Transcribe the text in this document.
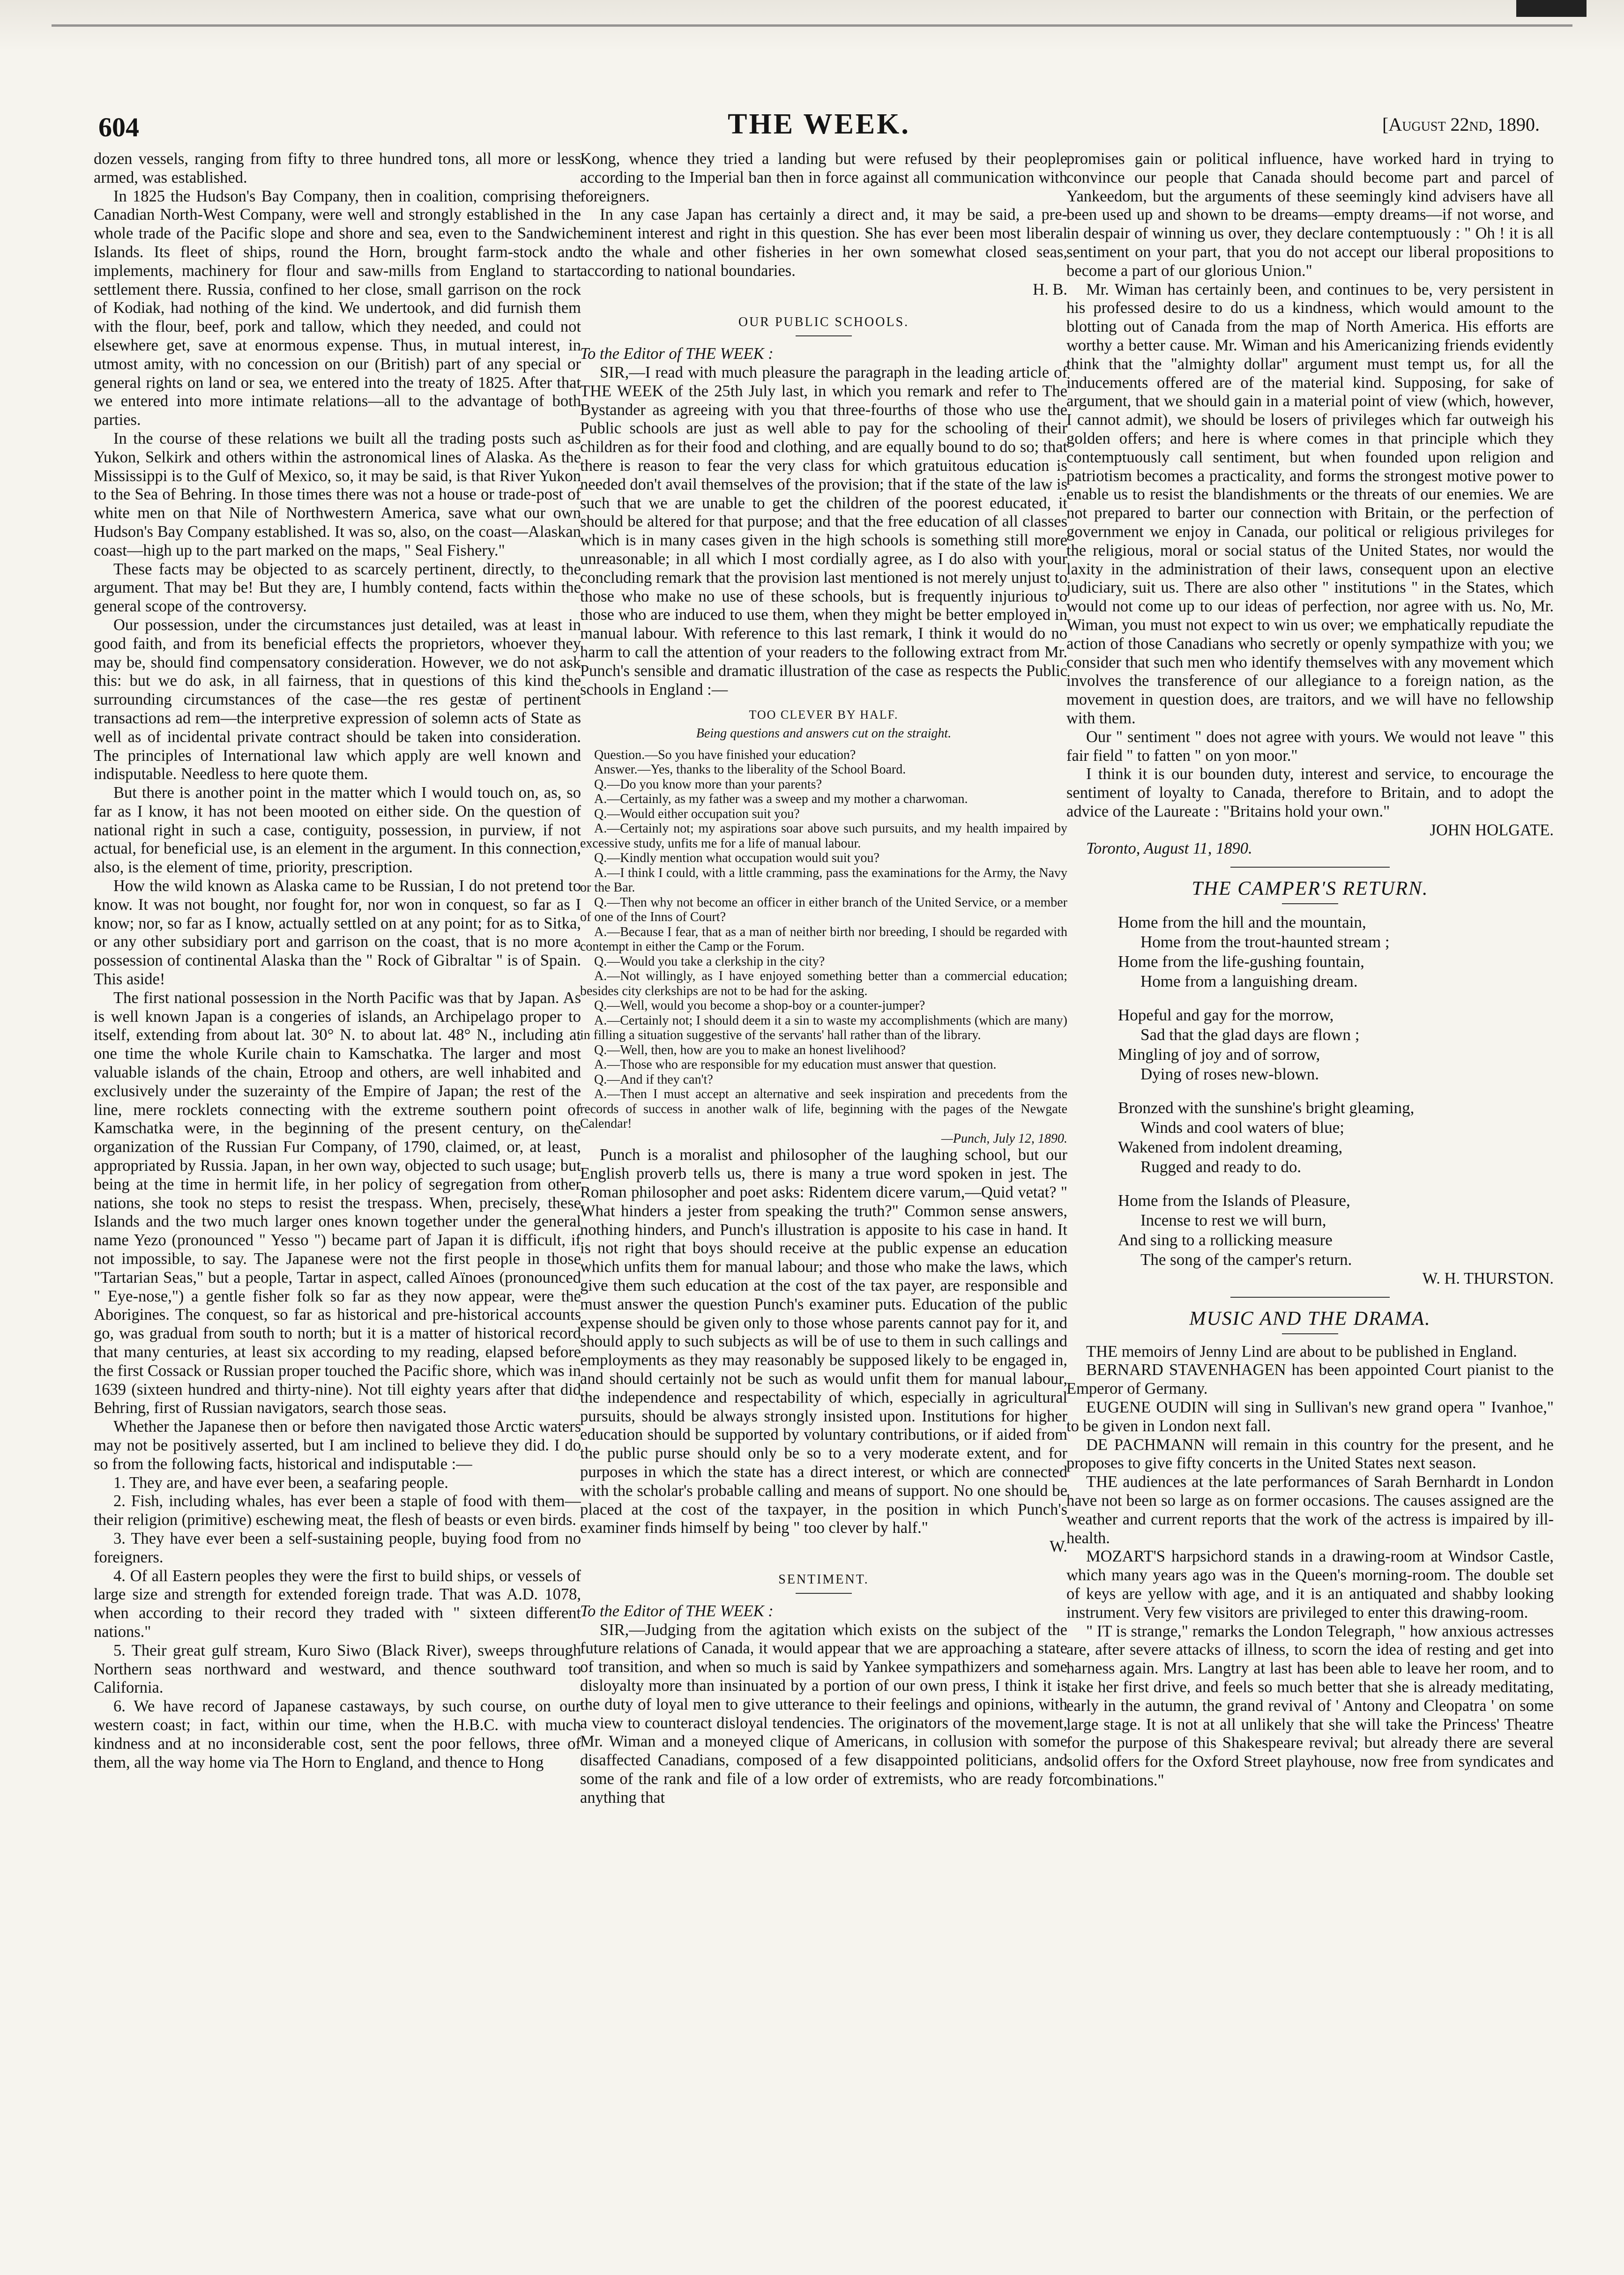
604	THE WEEK.	[August 22nd, 1890.

dozen vessels, ranging from fifty to three hundred tons, all more or less armed, was established.

In 1825 the Hudson's Bay Company, then in coalition, comprising the Canadian North-West Company, were well and strongly established in the whole trade of the Pacific slope and shore and sea, even to the Sandwich Islands. Its fleet of ships, round the Horn, brought farm-stock and implements, machinery for flour and saw-mills from England to start settlement there. Russia, confined to her close, small garrison on the rock of Kodiak, had nothing of the kind. We undertook, and did furnish them with the flour, beef, pork and tallow, which they needed, and could not elsewhere get, save at enormous expense. Thus, in mutual interest, in utmost amity, with no concession on our (British) part of any special or general rights on land or sea, we entered into the treaty of 1825. After that we entered into more intimate relations—all to the advantage of both parties.

In the course of these relations we built all the trading posts such as Yukon, Selkirk and others within the astronomical lines of Alaska. As the Mississippi is to the Gulf of Mexico, so, it may be said, is that River Yukon to the Sea of Behring. In those times there was not a house or trade-post of white men on that Nile of Northwestern America, save what our own Hudson's Bay Company established. It was so, also, on the coast—Alaskan coast—high up to the part marked on the maps, " Seal Fishery."

These facts may be objected to as scarcely pertinent, directly, to the argument. That may be! But they are, I humbly contend, facts within the general scope of the controversy.

Our possession, under the circumstances just detailed, was at least in good faith, and from its beneficial effects the proprietors, whoever they may be, should find compensatory consideration. However, we do not ask this: but we do ask, in all fairness, that in questions of this kind the surrounding circumstances of the case—the res gestæ of pertinent transactions ad rem—the interpretive expression of solemn acts of State as well as of incidental private contract should be taken into consideration. The principles of International law which apply are well known and indisputable. Needless to here quote them.

But there is another point in the matter which I would touch on, as, so far as I know, it has not been mooted on either side. On the question of national right in such a case, contiguity, possession, in purview, if not actual, for beneficial use, is an element in the argument. In this connection, also, is the element of time, priority, prescription.

How the wild known as Alaska came to be Russian, I do not pretend to know. It was not bought, nor fought for, nor won in conquest, so far as I know; nor, so far as I know, actually settled on at any point; for as to Sitka, or any other subsidiary port and garrison on the coast, that is no more a possession of continental Alaska than the " Rock of Gibraltar " is of Spain. This aside!

The first national possession in the North Pacific was that by Japan. As is well known Japan is a congeries of islands, an Archipelago proper to itself, extending from about lat. 30° N. to about lat. 48° N., including at one time the whole Kurile chain to Kamschatka. The larger and most valuable islands of the chain, Etroop and others, are well inhabited and exclusively under the suzerainty of the Empire of Japan; the rest of the line, mere rocklets connecting with the extreme southern point of Kamschatka were, in the beginning of the present century, on the organization of the Russian Fur Company, of 1790, claimed, or, at least, appropriated by Russia. Japan, in her own way, objected to such usage; but being at the time in hermit life, in her policy of segregation from other nations, she took no steps to resist the trespass. When, precisely, these Islands and the two much larger ones known together under the general name Yezo (pronounced " Yesso ") became part of Japan it is difficult, if not impossible, to say. The Japanese were not the first people in those "Tartarian Seas," but a people, Tartar in aspect, called Aïnoes (pronounced " Eye-nose,") a gentle fisher folk so far as they now appear, were the Aborigines. The conquest, so far as historical and pre-historical accounts go, was gradual from south to north; but it is a matter of historical record that many centuries, at least six according to my reading, elapsed before the first Cossack or Russian proper touched the Pacific shore, which was in 1639 (sixteen hundred and thirty-nine). Not till eighty years after that did Behring, first of Russian navigators, search those seas.

Whether the Japanese then or before then navigated those Arctic waters may not be positively asserted, but I am inclined to believe they did. I do so from the following facts, historical and indisputable :—

1. They are, and have ever been, a seafaring people.

2. Fish, including whales, has ever been a staple of food with them—their religion (primitive) eschewing meat, the flesh of beasts or even birds.

3. They have ever been a self-sustaining people, buying food from no foreigners.

4. Of all Eastern peoples they were the first to build ships, or vessels of large size and strength for extended foreign trade. That was A.D. 1078, when according to their record they traded with " sixteen different nations."

5. Their great gulf stream, Kuro Siwo (Black River), sweeps through Northern seas northward and westward, and thence southward to California.

6. We have record of Japanese castaways, by such course, on our western coast; in fact, within our time, when the H.B.C. with much kindness and at no inconsiderable cost, sent the poor fellows, three of them, all the way home via The Horn to England, and thence to Hong

Kong, whence they tried a landing but were refused by their people according to the Imperial ban then in force against all communication with foreigners.

In any case Japan has certainly a direct and, it may be said, a pre-eminent interest and right in this question. She has ever been most liberal to the whale and other fisheries in her own somewhat closed seas, according to national boundaries.

H. B.

OUR PUBLIC SCHOOLS.

To the Editor of THE WEEK :

SIR,—I read with much pleasure the paragraph in the leading article of THE WEEK of the 25th July last, in which you remark and refer to The Bystander as agreeing with you that three-fourths of those who use the Public schools are just as well able to pay for the schooling of their children as for their food and clothing, and are equally bound to do so; that there is reason to fear the very class for which gratuitous education is needed don't avail themselves of the provision; that if the state of the law is such that we are unable to get the children of the poorest educated, it should be altered for that purpose; and that the free education of all classes which is in many cases given in the high schools is something still more unreasonable; in all which I most cordially agree, as I do also with your concluding remark that the provision last mentioned is not merely unjust to those who make no use of these schools, but is frequently injurious to those who are induced to use them, when they might be better employed in manual labour. With reference to this last remark, I think it would do no harm to call the attention of your readers to the following extract from Mr. Punch's sensible and dramatic illustration of the case as respects the Public schools in England :—

TOO CLEVER BY HALF.
Being questions and answers cut on the straight.

Question.—So you have finished your education?

Answer.—Yes, thanks to the liberality of the School Board.

Q.—Do you know more than your parents?

A.—Certainly, as my father was a sweep and my mother a charwoman.

Q.—Would either occupation suit you?

A.—Certainly not; my aspirations soar above such pursuits, and my health impaired by excessive study, unfits me for a life of manual labour.

Q.—Kindly mention what occupation would suit you?

A.—I think I could, with a little cramming, pass the examinations for the Army, the Navy or the Bar.

Q.—Then why not become an officer in either branch of the United Service, or a member of one of the Inns of Court?

A.—Because I fear, that as a man of neither birth nor breeding, I should be regarded with contempt in either the Camp or the Forum.

Q.—Would you take a clerkship in the city?

A.—Not willingly, as I have enjoyed something better than a commercial education; besides city clerkships are not to be had for the asking.

Q.—Well, would you become a shop-boy or a counter-jumper?

A.—Certainly not; I should deem it a sin to waste my accomplishments (which are many) in filling a situation suggestive of the servants' hall rather than of the library.

Q.—Well, then, how are you to make an honest livelihood?

A.—Those who are responsible for my education must answer that question.

Q.—And if they can't?

A.—Then I must accept an alternative and seek inspiration and precedents from the records of success in another walk of life, beginning with the pages of the Newgate Calendar!

—Punch, July 12, 1890.

Punch is a moralist and philosopher of the laughing school, but our English proverb tells us, there is many a true word spoken in jest. The Roman philosopher and poet asks: Ridentem dicere varum,—Quid vetat? " What hinders a jester from speaking the truth?" Common sense answers, nothing hinders, and Punch's illustration is apposite to his case in hand. It is not right that boys should receive at the public expense an education which unfits them for manual labour; and those who make the laws, which give them such education at the cost of the tax payer, are responsible and must answer the question Punch's examiner puts. Education of the public expense should be given only to those whose parents cannot pay for it, and should apply to such subjects as will be of use to them in such callings and employments as they may reasonably be supposed likely to be engaged in, and should certainly not be such as would unfit them for manual labour, the independence and respectability of which, especially in agricultural pursuits, should be always strongly insisted upon. Institutions for higher education should be supported by voluntary contributions, or if aided from the public purse should only be so to a very moderate extent, and for purposes in which the state has a direct interest, or which are connected with the scholar's probable calling and means of support. No one should be placed at the cost of the taxpayer, in the position in which Punch's examiner finds himself by being " too clever by half."

W.

SENTIMENT.

To the Editor of THE WEEK :

SIR,—Judging from the agitation which exists on the subject of the future relations of Canada, it would appear that we are approaching a state of transition, and when so much is said by Yankee sympathizers and some disloyalty more than insinuated by a portion of our own press, I think it is the duty of loyal men to give utterance to their feelings and opinions, with a view to counteract disloyal tendencies. The originators of the movement, Mr. Wiman and a moneyed clique of Americans, in collusion with some disaffected Canadians, composed of a few disappointed politicians, and some of the rank and file of a low order of extremists, who are ready for anything that

promises gain or political influence, have worked hard in trying to convince our people that Canada should become part and parcel of Yankeedom, but the arguments of these seemingly kind advisers have all been used up and shown to be dreams—empty dreams—if not worse, and in despair of winning us over, they declare contemptuously : " Oh ! it is all sentiment on your part, that you do not accept our liberal propositions to become a part of our glorious Union."

Mr. Wiman has certainly been, and continues to be, very persistent in his professed desire to do us a kindness, which would amount to the blotting out of Canada from the map of North America. His efforts are worthy a better cause. Mr. Wiman and his Americanizing friends evidently think that the "almighty dollar" argument must tempt us, for all the inducements offered are of the material kind. Supposing, for sake of argument, that we should gain in a material point of view (which, however, I cannot admit), we should be losers of privileges which far outweigh his golden offers; and here is where comes in that principle which they contemptuously call sentiment, but when founded upon religion and patriotism becomes a practicality, and forms the strongest motive power to enable us to resist the blandishments or the threats of our enemies. We are not prepared to barter our connection with Britain, or the perfection of government we enjoy in Canada, our political or religious privileges for the religious, moral or social status of the United States, nor would the laxity in the administration of their laws, consequent upon an elective judiciary, suit us. There are also other " institutions " in the States, which would not come up to our ideas of perfection, nor agree with us. No, Mr. Wiman, you must not expect to win us over; we emphatically repudiate the action of those Canadians who secretly or openly sympathize with you; we consider that such men who identify themselves with any movement which involves the transference of our allegiance to a foreign nation, as the movement in question does, are traitors, and we will have no fellowship with them.

Our " sentiment " does not agree with yours. We would not leave " this fair field " to fatten " on yon moor."

I think it is our bounden duty, interest and service, to encourage the sentiment of loyalty to Canada, therefore to Britain, and to adopt the advice of the Laureate : "Britains hold your own."

JOHN HOLGATE.

Toronto, August 11, 1890.

THE CAMPER'S RETURN.
Home from the hill and the mountain,
Home from the trout-haunted stream ;
Home from the life-gushing fountain,
Home from a languishing dream.
Hopeful and gay for the morrow,
Sad that the glad days are flown ;
Mingling of joy and of sorrow,
Dying of roses new-blown.
Bronzed with the sunshine's bright gleaming,
Winds and cool waters of blue;
Wakened from indolent dreaming,
Rugged and ready to do.
Home from the Islands of Pleasure,
Incense to rest we will burn,
And sing to a rollicking measure
The song of the camper's return.

W. H. THURSTON.

MUSIC AND THE DRAMA.

THE memoirs of Jenny Lind are about to be published in England.

BERNARD STAVENHAGEN has been appointed Court pianist to the Emperor of Germany.

EUGENE OUDIN will sing in Sullivan's new grand opera " Ivanhoe," to be given in London next fall.

DE PACHMANN will remain in this country for the present, and he proposes to give fifty concerts in the United States next season.

THE audiences at the late performances of Sarah Bernhardt in London have not been so large as on former occasions. The causes assigned are the weather and current reports that the work of the actress is impaired by ill-health.

MOZART'S harpsichord stands in a drawing-room at Windsor Castle, which many years ago was in the Queen's morning-room. The double set of keys are yellow with age, and it is an antiquated and shabby looking instrument. Very few visitors are privileged to enter this drawing-room.

" IT is strange," remarks the London Telegraph, " how anxious actresses are, after severe attacks of illness, to scorn the idea of resting and get into harness again. Mrs. Langtry at last has been able to leave her room, and to take her first drive, and feels so much better that she is already meditating, early in the autumn, the grand revival of ' Antony and Cleopatra ' on some large stage. It is not at all unlikely that she will take the Princess' Theatre for the purpose of this Shakespeare revival; but already there are several solid offers for the Oxford Street playhouse, now free from syndicates and combinations."
